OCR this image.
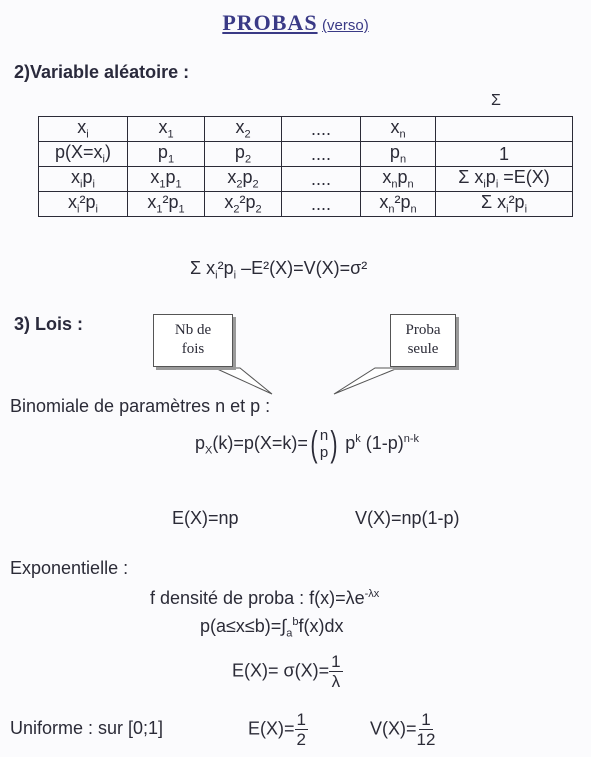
PROBAS (verso)
2)Variable aléatoire :
Σ
$x_i$	$x_1$	$x_2$	....	$x_n$	
$p(X=x_i)$	$p_1$	$p_2$	....	$p_n$	1
$x_ip_i$	$x_1p_1$	$x_2p_2$	....	$x_np_n$	Σ $x_ip_i =E(X)$
$x_i^2p_i$	$x_1^2p_1$	$x_2^2p_2$	....	$x_n^2p_n$	Σ $x_i^2p_i$
Σ $x_i^2p_i$ –E²(X)=V(X)=σ²
3) Lois :	Nb de
fois
Proba
seule
Binomiale de paramètres n et p :
$p_X(k)=p(X=k)=$ ( n
p ) $p^k$ $(1-p)^{n-k}$
E(X)=np	V(X)=np(1-p)
Exponentielle :
f densité de proba : $f(x)=\lambda e^{-\lambda x}$
$p(a\le x\le b)=\int_a^bf(x)dx$
$E(X)= \sigma(X)= \frac{1}{\lambda}$
Uniforme : sur [0;1]	$E(X)= \frac{1}{2}$	$V(X)= \frac{1}{12}$
